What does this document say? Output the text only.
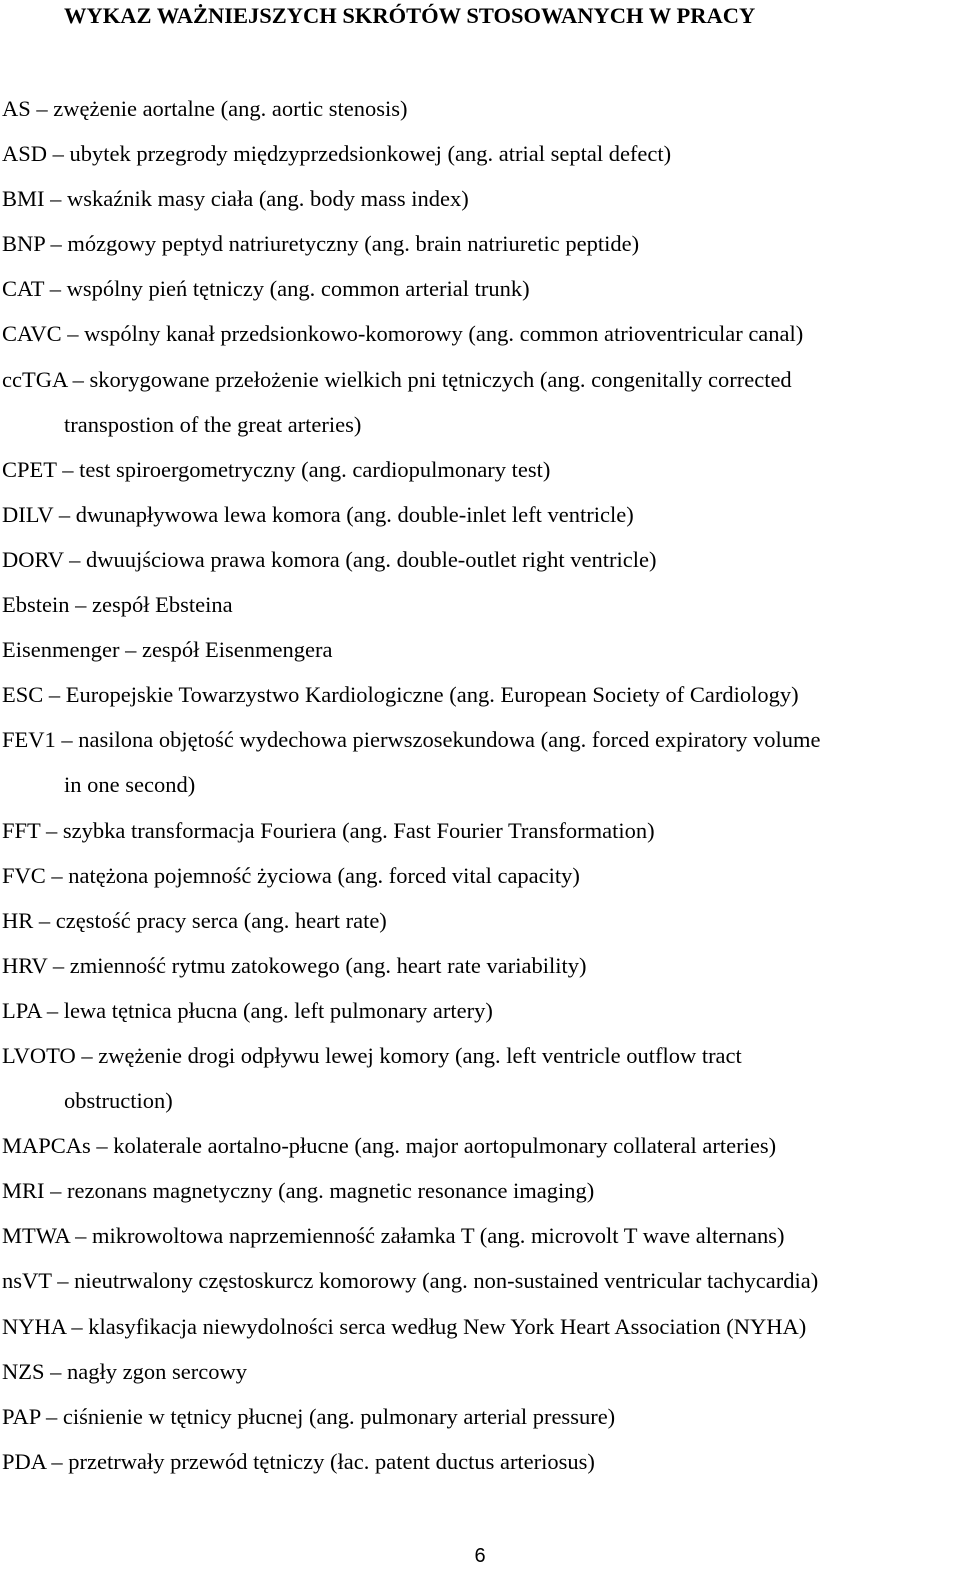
WYKAZ WAŻNIEJSZYCH SKRÓTÓW STOSOWANYCH W PRACY
AS – zwężenie aortalne (ang. aortic stenosis)
ASD – ubytek przegrody międzyprzedsionkowej (ang. atrial septal defect)
BMI – wskaźnik masy ciała (ang. body mass index)
BNP – mózgowy peptyd natriuretyczny (ang. brain natriuretic peptide)
CAT – wspólny pień tętniczy (ang. common arterial trunk)
CAVC – wspólny kanał przedsionkowo-komorowy (ang. common atrioventricular canal)
ccTGA – skorygowane przełożenie wielkich pni tętniczych (ang. congenitally corrected
transpostion of the great arteries)
CPET – test spiroergometryczny (ang. cardiopulmonary test)
DILV – dwunapływowa lewa komora (ang. double-inlet left ventricle)
DORV – dwuujściowa prawa komora (ang. double-outlet right ventricle)
Ebstein – zespół Ebsteina
Eisenmenger – zespół Eisenmengera
ESC – Europejskie Towarzystwo Kardiologiczne (ang. European Society of Cardiology)
FEV1 – nasilona objętość wydechowa pierwszosekundowa (ang. forced expiratory volume
in one second)
FFT – szybka transformacja Fouriera (ang. Fast Fourier Transformation)
FVC – natężona pojemność życiowa (ang. forced vital capacity)
HR – częstość pracy serca (ang. heart rate)
HRV – zmienność rytmu zatokowego (ang. heart rate variability)
LPA – lewa tętnica płucna (ang. left pulmonary artery)
LVOTO – zwężenie drogi odpływu lewej komory (ang. left ventricle outflow tract
obstruction)
MAPCAs – kolaterale aortalno-płucne (ang. major aortopulmonary collateral arteries)
MRI – rezonans magnetyczny (ang. magnetic resonance imaging)
MTWA – mikrowoltowa naprzemienność załamka T (ang. microvolt T wave alternans)
nsVT – nieutrwalony częstoskurcz komorowy (ang. non-sustained ventricular tachycardia)
NYHA – klasyfikacja niewydolności serca według New York Heart Association (NYHA)
NZS – nagły zgon sercowy
PAP – ciśnienie w tętnicy płucnej (ang. pulmonary arterial pressure)
PDA – przetrwały przewód tętniczy (łac. patent ductus arteriosus)
6
